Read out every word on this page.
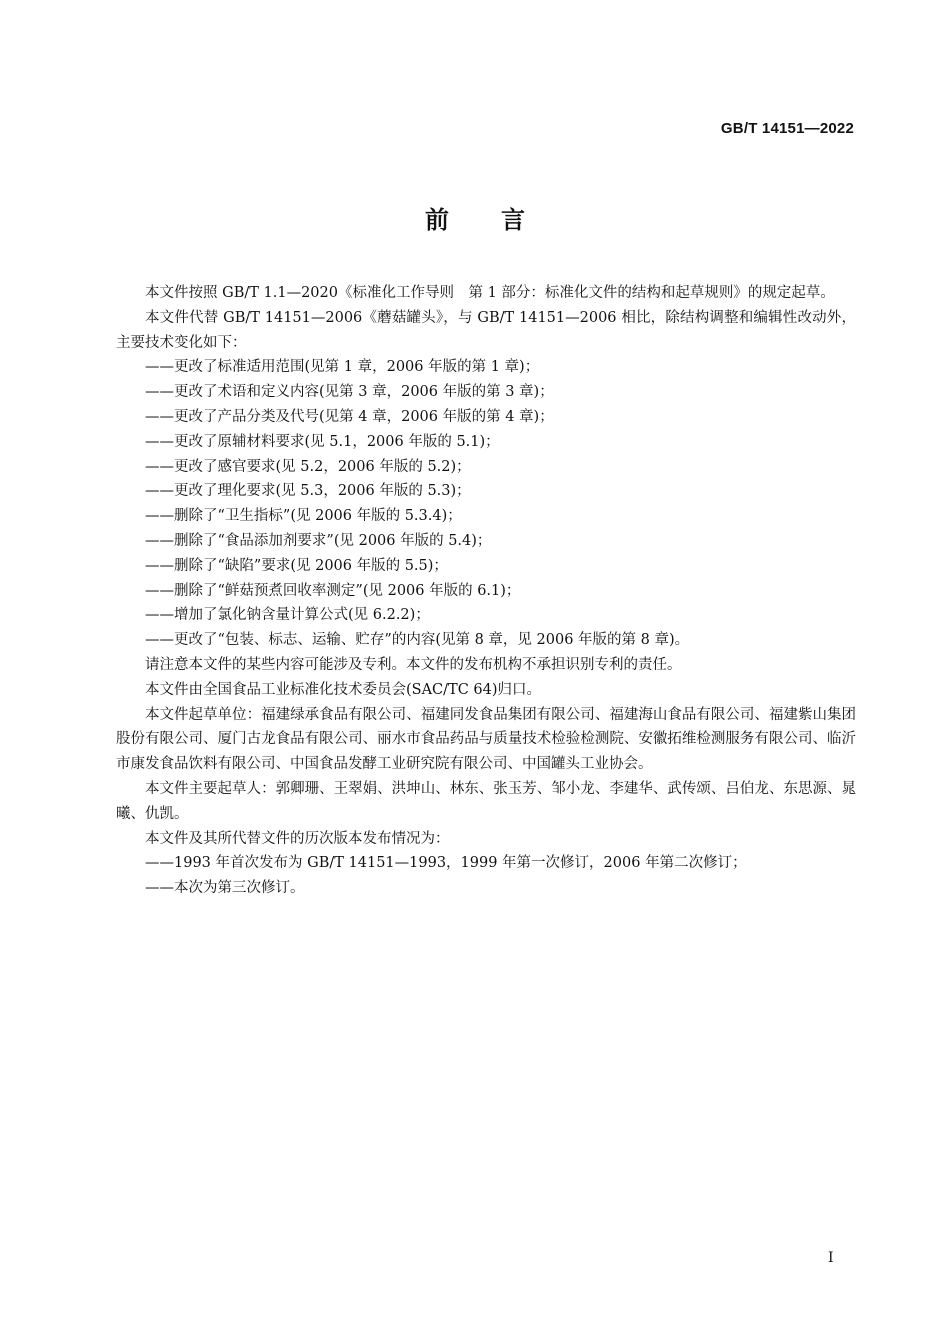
GB/T 14151—2022
前言

本文件按照 GB/T 1.1—2020《标准化工作导则　第 1 部分：标准化文件的结构和起草规则》的规定起草。

本文件代替 GB/T 14151—2006《蘑菇罐头》，与 GB/T 14151—2006 相比，除结构调整和编辑性改动外，主要技术变化如下：

——更改了标准适用范围(见第 1 章，2006 年版的第 1 章)；

——更改了术语和定义内容(见第 3 章，2006 年版的第 3 章)；

——更改了产品分类及代号(见第 4 章，2006 年版的第 4 章)；

——更改了原辅材料要求(见 5.1，2006 年版的 5.1)；

——更改了感官要求(见 5.2，2006 年版的 5.2)；

——更改了理化要求(见 5.3，2006 年版的 5.3)；

——删除了“卫生指标”(见 2006 年版的 5.3.4)；

——删除了“食品添加剂要求”(见 2006 年版的 5.4)；

——删除了“缺陷”要求(见 2006 年版的 5.5)；

——删除了“鲜菇预煮回收率测定”(见 2006 年版的 6.1)；

——增加了氯化钠含量计算公式(见 6.2.2)；

——更改了“包装、标志、运输、贮存”的内容(见第 8 章，见 2006 年版的第 8 章)。

请注意本文件的某些内容可能涉及专利。本文件的发布机构不承担识别专利的责任。

本文件由全国食品工业标准化技术委员会(SAC/TC 64)归口。

本文件起草单位：福建绿承食品有限公司、福建同发食品集团有限公司、福建海山食品有限公司、福建紫山集团股份有限公司、厦门古龙食品有限公司、丽水市食品药品与质量技术检验检测院、安徽拓维检测服务有限公司、临沂市康发食品饮料有限公司、中国食品发酵工业研究院有限公司、中国罐头工业协会。

本文件主要起草人：郭卿珊、王翠娟、洪坤山、林东、张玉芳、邹小龙、李建华、武传颂、吕伯龙、东思源、晁曦、仇凯。

本文件及其所代替文件的历次版本发布情况为：

——1993 年首次发布为 GB/T 14151—1993，1999 年第一次修订，2006 年第二次修订；

——本次为第三次修订。

I
